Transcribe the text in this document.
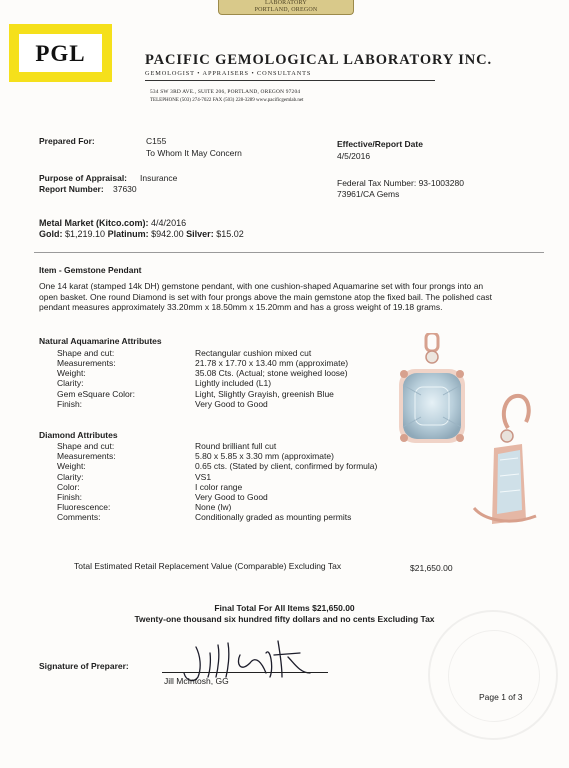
LABORATORY
PORTLAND, OREGON
PGL	PACIFIC GEMOLOGICAL LABORATORY INC.
GEMOLOGIST • APPRAISERS • CONSULTANTS
534 SW 3RD AVE., SUITE 206, PORTLAND, OREGON 97204
TELEPHONE (503) 274-7022 FAX (503) 228-3289 www.pacificgemlab.net
Prepared For:	C155
To Whom It May Concern
Effective/Report Date
4/5/2016
Purpose of Appraisal: Insurance
Report Number: 37630
Federal Tax Number: 93-1003280
73961/CA Gems
Metal Market (Kitco.com): 4/4/2016
Gold: $1,219.10 Platinum: $942.00 Silver: $15.02
Item - Gemstone Pendant
One 14 karat (stamped 14k DH) gemstone pendant, with one cushion-shaped Aquamarine set with four prongs into an open basket. One round Diamond is set with four prongs above the main gemstone atop the fixed bail. The polished cast pendant measures approximately 33.20mm x 18.50mm x 15.20mm and has a gross weight of 19.18 grams.
Natural Aquamarine Attributes
Shape and cut:	Rectangular cushion mixed cut
Measurements:	21.78 x 17.70 x 13.40 mm (approximate)
Weight:	35.08 Cts. (Actual; stone weighed loose)
Clarity:	Lightly included (L1)
Gem eSquare Color:	Light, Slightly Grayish, greenish Blue
Finish:	Very Good to Good
Diamond Attributes
Shape and cut:	Round brilliant full cut
Measurements:	5.80 x 5.85 x 3.30 mm (approximate)
Weight:	0.65 cts. (Stated by client, confirmed by formula)
Clarity:	VS1
Color:	I color range
Finish:	Very Good to Good
Fluorescence:	None (lw)
Comments:	Conditionally graded as mounting permits
Total Estimated Retail Replacement Value (Comparable) Excluding Tax	$21,650.00
Final Total For All Items $21,650.00
Twenty-one thousand six hundred fifty dollars and no cents Excluding Tax
Signature of Preparer:
Jill McIntosh, GG
Page 1 of 3
